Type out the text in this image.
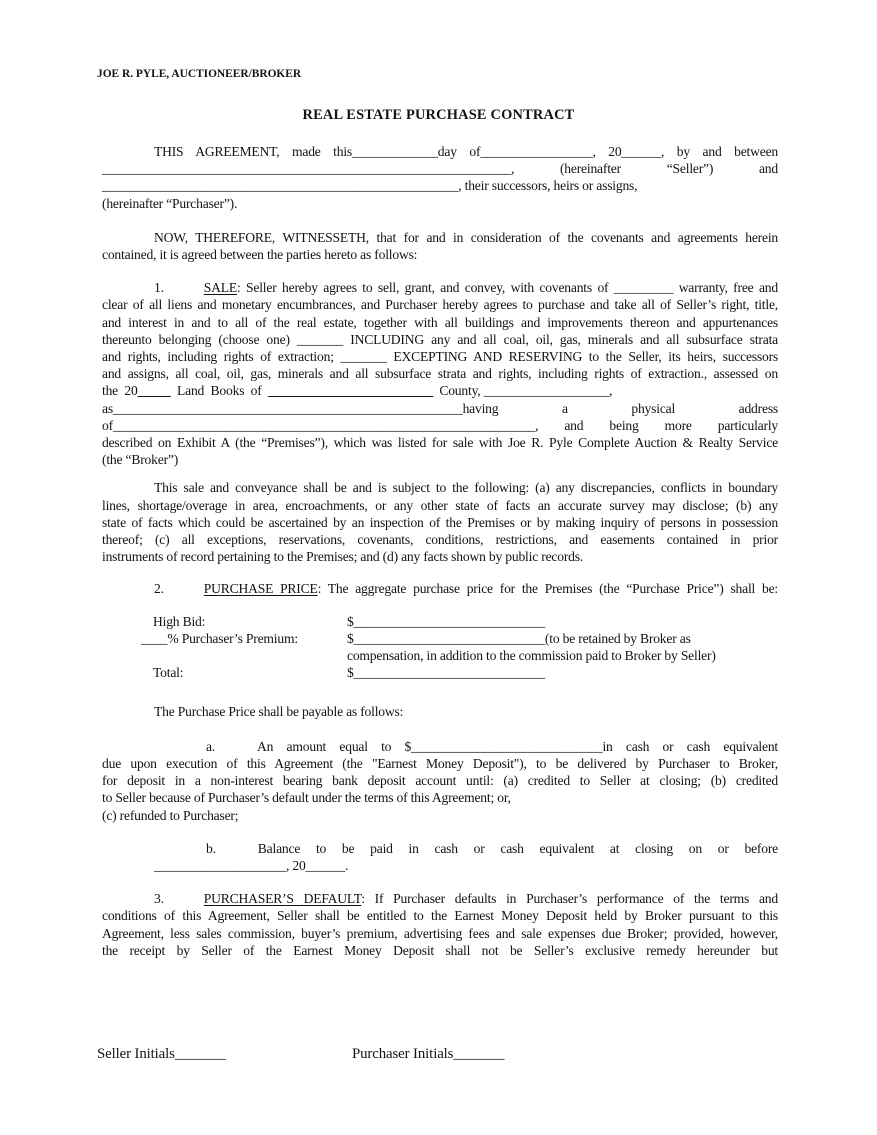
JOE R. PYLE, AUCTIONEER/BROKER
REAL ESTATE PURCHASE CONTRACT
THIS AGREEMENT, made this_____________day of_________________, 20______, by and between
______________________________________________________________, (hereinafter “Seller”) and
______________________________________________________, their successors, heirs or assigns,
(hereinafter “Purchaser”).
NOW, THEREFORE, WITNESSETH, that for and in consideration of the covenants and agreements herein
contained, it is agreed between the parties hereto as follows:
1.	SALE: Seller hereby agrees to sell, grant, and convey, with covenants of _________ warranty, free and
clear of all liens and monetary encumbrances, and Purchaser hereby agrees to purchase and take all of Seller’s right, title,
and interest in and to all of the real estate, together with all buildings and improvements thereon and appurtenances
thereunto belonging (choose one) _______ INCLUDING any and all coal, oil, gas, minerals and all subsurface strata
and rights, including rights of extraction; _______ EXCEPTING AND RESERVING to the Seller, its heirs, successors
and assigns, all coal, oil, gas, minerals and all subsurface strata and rights, including rights of extraction., assessed on
the  20_____  Land  Books  of  _________________________  County, ___________________,
as_____________________________________________________having a physical address
of________________________________________________________________, and being more particularly
described on Exhibit A (the “Premises”), which was listed for sale with Joe R. Pyle Complete Auction & Realty Service
(the “Broker”)
This sale and conveyance shall be and is subject to the following: (a) any discrepancies, conflicts in boundary
lines, shortage/overage in area, encroachments, or any other state of facts an accurate survey may disclose; (b) any
state of facts which could be ascertained by an inspection of the Premises or by making inquiry of persons in possession
thereof; (c) all exceptions, reservations, covenants, conditions, restrictions, and easements contained in prior
instruments of record pertaining to the Premises; and (d) any facts shown by public records.
2.	PURCHASE PRICE: The aggregate purchase price for the Premises (the “Purchase Price”) shall be:
High Bid:	$_____________________________
____% Purchaser’s Premium:	$_____________________________(to be retained by Broker as
compensation, in addition to the commission paid to Broker by Seller)
Total:	$_____________________________
The Purchase Price shall be payable as follows:
a.	An amount equal to $_____________________________in cash or cash equivalent
due upon execution of this Agreement (the "Earnest Money Deposit"), to be delivered by Purchaser to Broker,
for deposit in a non-interest bearing bank deposit account until: (a) credited to Seller at closing; (b) credited
to Seller because of Purchaser’s default under the terms of this Agreement; or,
(c) refunded to Purchaser;
b.	Balance to be paid in cash or cash equivalent at closing on or before
____________________, 20______.
3.	PURCHASER’S DEFAULT: If Purchaser defaults in Purchaser’s performance of the terms and
conditions of this Agreement, Seller shall be entitled to the Earnest Money Deposit held by Broker pursuant to this
Agreement, less sales commission, buyer’s premium, advertising fees and sale expenses due Broker; provided, however,
the receipt by Seller of the Earnest Money Deposit shall not be Seller’s exclusive remedy hereunder but
Seller Initials_______	Purchaser Initials_______
